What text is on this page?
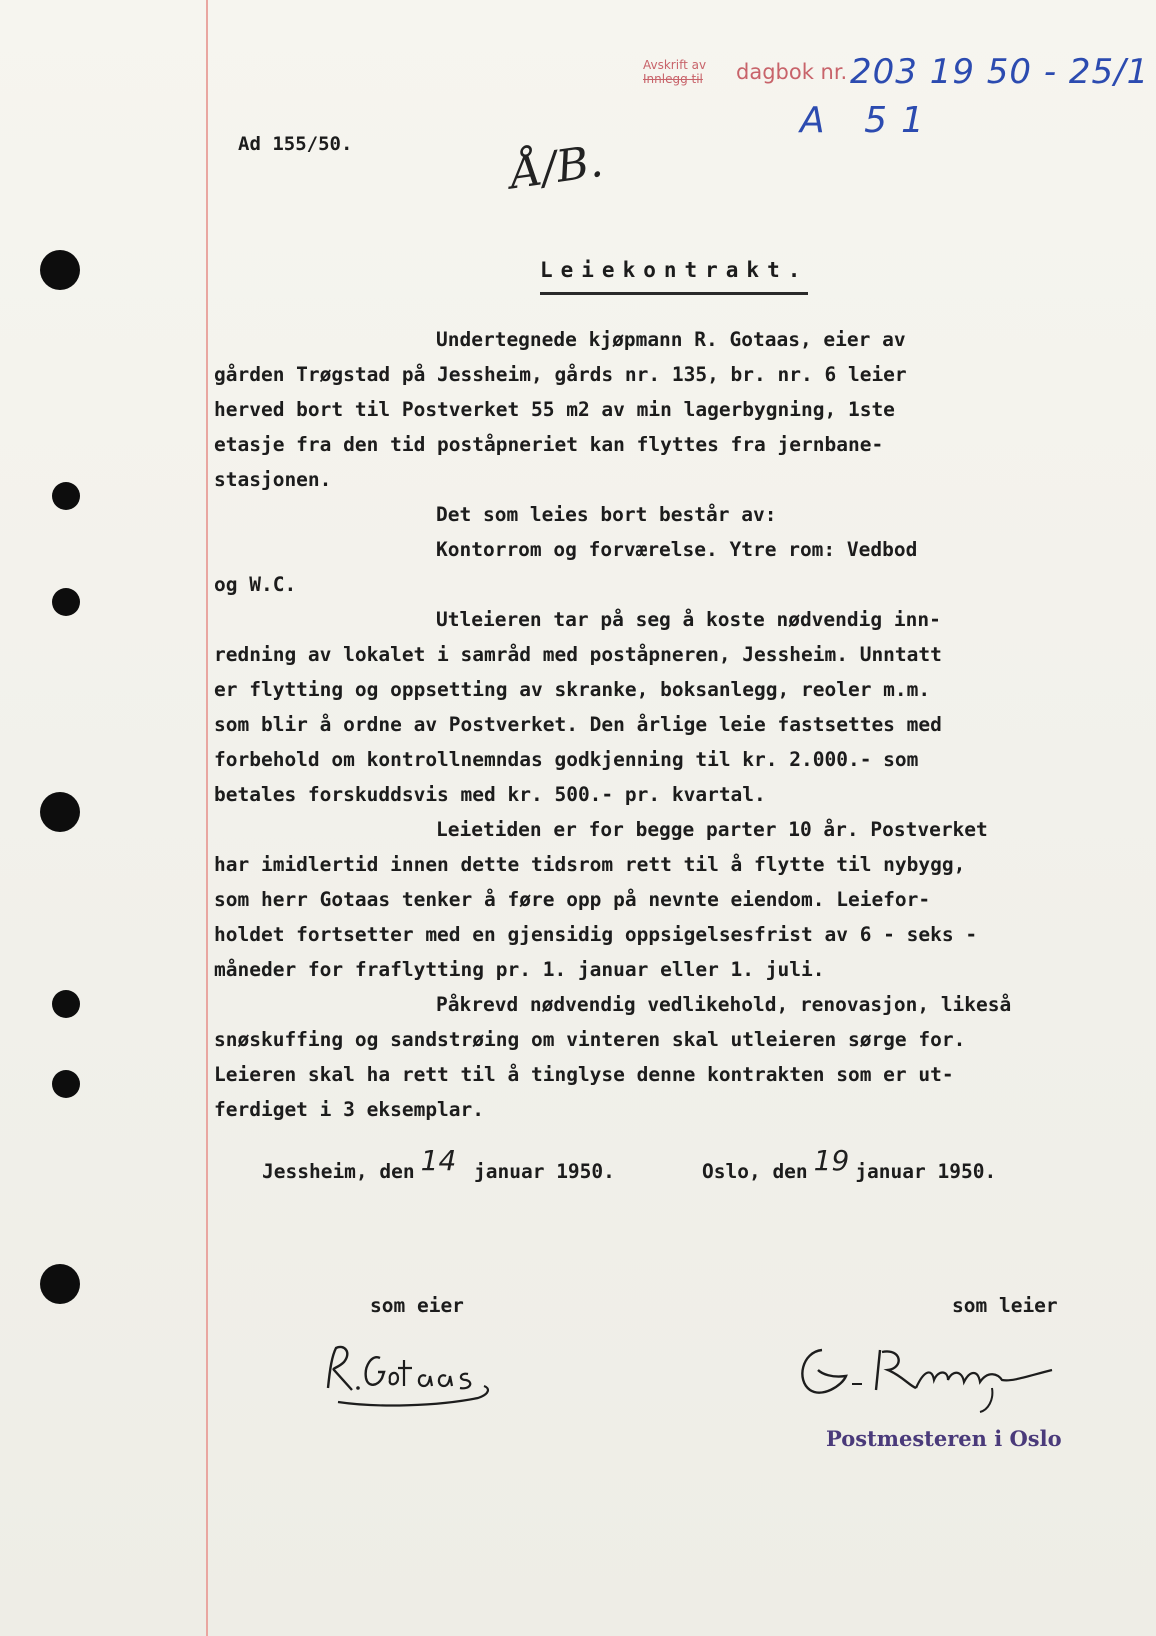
Avskrift av
Innlegg til dagbok nr. 203 19 50 - 25/1
A 51
Å/B.
Ad 155/50.
Leiekontrakt.
Undertegnede kjøpmann R. Gotaas, eier av
gården Trøgstad på Jessheim, gårds nr. 135, br. nr. 6 leier
herved bort til Postverket 55 m2 av min lagerbygning, 1ste
etasje fra den tid poståpneriet kan flyttes fra jernbane-
stasjonen.
Det som leies bort består av:
Kontorrom og forværelse. Ytre rom: Vedbod
og W.C.
Utleieren tar på seg å koste nødvendig inn-
redning av lokalet i samråd med poståpneren, Jessheim. Unntatt
er flytting og oppsetting av skranke, boksanlegg, reoler m.m.
som blir å ordne av Postverket. Den årlige leie fastsettes med
forbehold om kontrollnemndas godkjenning til kr. 2.000.- som
betales forskuddsvis med kr. 500.- pr. kvartal.
Leietiden er for begge parter 10 år. Postverket
har imidlertid innen dette tidsrom rett til å flytte til nybygg,
som herr Gotaas tenker å føre opp på nevnte eiendom. Leiefor-
holdet fortsetter med en gjensidig oppsigelsesfrist av 6 - seks -
måneder for fraflytting pr. 1. januar eller 1. juli.
Påkrevd nødvendig vedlikehold, renovasjon, likeså
snøskuffing og sandstrøing om vinteren skal utleieren sørge for.
Leieren skal ha rett til å tinglyse denne kontrakten som er ut-
ferdiget i 3 eksemplar.
Jessheim, den 14 januar 1950.	Oslo, den 19 januar 1950.
som eier	som leier
Postmesteren i Oslo
